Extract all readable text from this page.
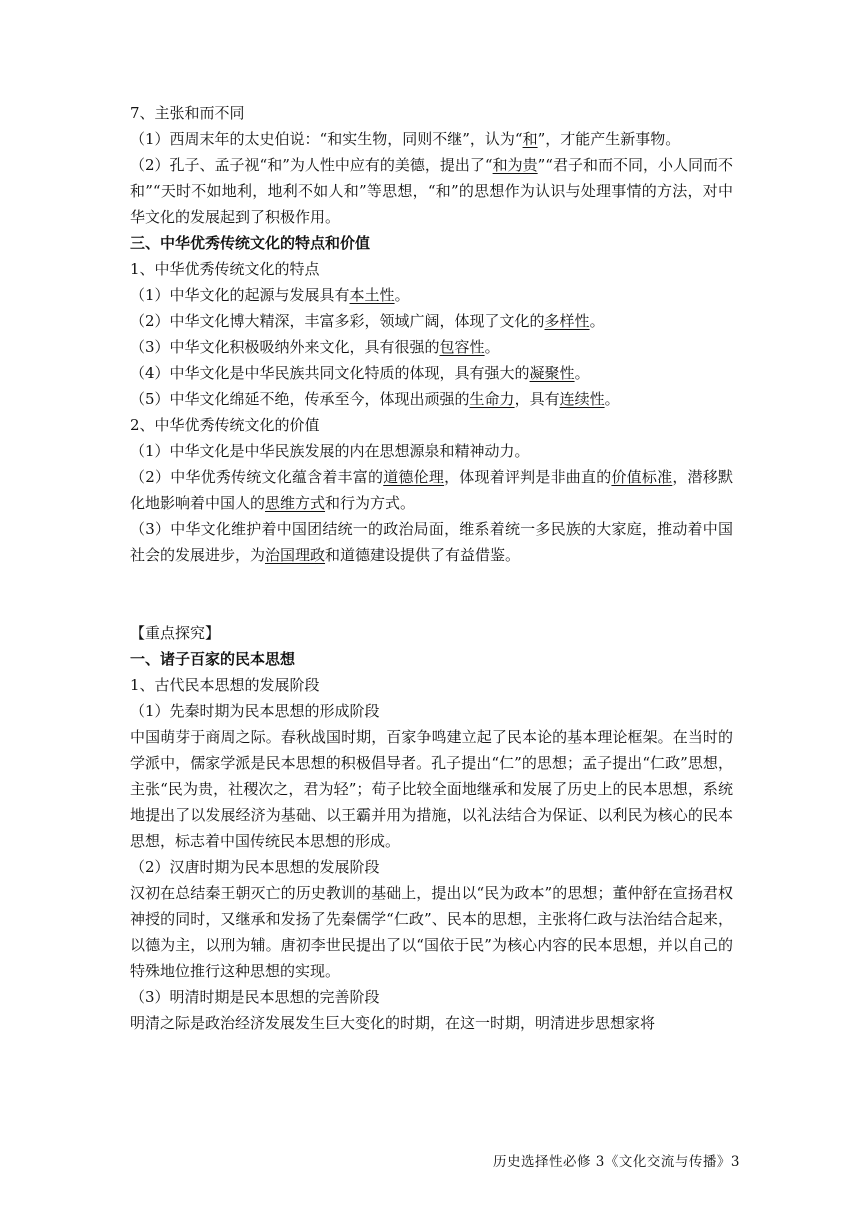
7、主张和而不同

（1）西周末年的太史伯说：“和实生物，同则不继”，认为“和”，才能产生新事物。

（2）孔子、孟子视“和”为人性中应有的美德，提出了“和为贵”“君子和而不同，小人同而不和”“天时不如地利，地利不如人和”等思想，“和”的思想作为认识与处理事情的方法，对中华文化的发展起到了积极作用。

三、中华优秀传统文化的特点和价值

1、中华优秀传统文化的特点

（1）中华文化的起源与发展具有本土性。

（2）中华文化博大精深，丰富多彩，领域广阔，体现了文化的多样性。

（3）中华文化积极吸纳外来文化，具有很强的包容性。

（4）中华文化是中华民族共同文化特质的体现，具有强大的凝聚性。

（5）中华文化绵延不绝，传承至今，体现出顽强的生命力，具有连续性。

2、中华优秀传统文化的价值

（1）中华文化是中华民族发展的内在思想源泉和精神动力。

（2）中华优秀传统文化蕴含着丰富的道德伦理，体现着评判是非曲直的价值标准，潜移默化地影响着中国人的思维方式和行为方式。

（3）中华文化维护着中国团结统一的政治局面，维系着统一多民族的大家庭，推动着中国社会的发展进步，为治国理政和道德建设提供了有益借鉴。

【重点探究】

一、诸子百家的民本思想

1、古代民本思想的发展阶段

（1）先秦时期为民本思想的形成阶段

中国萌芽于商周之际。春秋战国时期，百家争鸣建立起了民本论的基本理论框架。在当时的学派中，儒家学派是民本思想的积极倡导者。孔子提出“仁”的思想；孟子提出“仁政”思想，主张“民为贵，社稷次之，君为轻”；荀子比较全面地继承和发展了历史上的民本思想，系统地提出了以发展经济为基础、以王霸并用为措施，以礼法结合为保证、以利民为核心的民本思想，标志着中国传统民本思想的形成。

（2）汉唐时期为民本思想的发展阶段

汉初在总结秦王朝灭亡的历史教训的基础上，提出以“民为政本”的思想；董仲舒在宣扬君权神授的同时，又继承和发扬了先秦儒学“仁政”、民本的思想，主张将仁政与法治结合起来，以德为主，以刑为辅。唐初李世民提出了以“国依于民”为核心内容的民本思想，并以自己的特殊地位推行这种思想的实现。

（3）明清时期是民本思想的完善阶段

明清之际是政治经济发展发生巨大变化的时期，在这一时期，明清进步思想家将

历史选择性必修 3《文化交流与传播》3
